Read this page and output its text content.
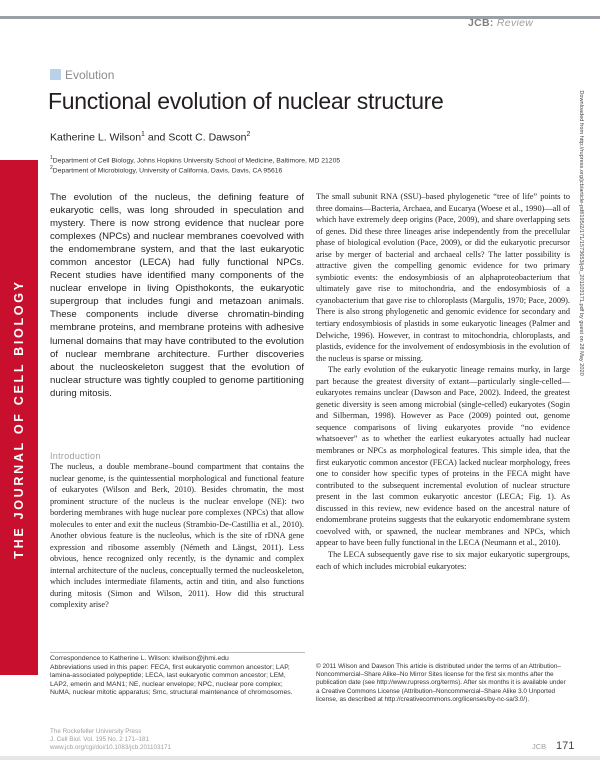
JCB: Review
THE JOURNAL OF CELL BIOLOGY
Evolution
Functional evolution of nuclear structure
Katherine L. Wilson$^1$ and Scott C. Dawson$^2$
$^1$Department of Cell Biology, Johns Hopkins University School of Medicine, Baltimore, MD 21205
$^2$Department of Microbiology, University of California, Davis, Davis, CA 95616
The evolution of the nucleus, the defining feature of eukaryotic cells, was long shrouded in speculation and mystery. There is now strong evidence that nuclear pore complexes (NPCs) and nuclear membranes coevolved with the endomembrane system, and that the last eukaryotic common ancestor (LECA) had fully functional NPCs. Recent studies have identified many components of the nuclear envelope in living Opisthokonts, the eukaryotic supergroup that includes fungi and metazoan animals. These components include diverse chromatin-binding membrane proteins, and membrane proteins with adhesive lumenal domains that may have contributed to the evolution of nuclear membrane architecture. Further discoveries about the nucleoskeleton suggest that the evolution of nuclear structure was tightly coupled to genome partitioning during mitosis.
Introduction
The nucleus, a double membrane–bound compartment that contains the nuclear genome, is the quintessential morphological and functional feature of eukaryotes (Wilson and Berk, 2010). Besides chromatin, the most prominent structure of the nucleus is the nuclear envelope (NE): two bordering membranes with huge nuclear pore complexes (NPCs) that allow molecules to enter and exit the nucleus (Strambio-De-Castillia et al., 2010). Another obvious feature is the nucleolus, which is the site of rDNA gene expression and ribosome assembly (Németh and Längst, 2011). Less obvious, hence recognized only recently, is the dynamic and complex internal architecture of the nucleus, conceptually termed the nucleoskeleton, which includes intermediate filaments, actin and titin, and also functions during mitosis (Simon and Wilson, 2011). How did this structural complexity arise?

The small subunit RNA (SSU)–based phylogenetic “tree of life” points to three domains—Bacteria, Archaea, and Eucarya (Woese et al., 1990)—all of which have extremely deep origins (Pace, 2009), and share overlapping sets of genes. Did these three lineages arise independently from the precellular phase of biological evolution (Pace, 2009), or did the eukaryotic precursor arise by merger of bacterial and archaeal cells? The latter possibility is attractive given the compelling genomic evidence for two primary symbiotic events: the endosymbiosis of an alphaproteobacterium that ultimately gave rise to mitochondria, and the endosymbiosis of a cyanobacterium that gave rise to chloroplasts (Margulis, 1970; Pace, 2009). There is also strong phylogenetic and genomic evidence for secondary and tertiary endosymbiosis of plastids in some eukaryotic lineages (Palmer and Delwiche, 1996). However, in contrast to mitochondria, chloroplasts, and plastids, evidence for the involvement of endosymbiosis in the evolution of the nucleus is sparse or missing.

The early evolution of the eukaryotic lineage remains murky, in large part because the greatest diversity of extant—particularly single-celled—eukaryotes remains unclear (Dawson and Pace, 2002). Indeed, the greatest genetic diversity is seen among microbial (single-celled) eukaryotes (Sogin and Silberman, 1998). However as Pace (2009) pointed out, genome sequence comparisons of living eukaryotes provide “no evidence whatsoever” as to whether the earliest eukaryotes actually had nuclear membranes or NPCs as morphological features. This simple idea, that the first eukaryotic common ancestor (FECA) lacked nuclear morphology, frees one to consider how specific types of proteins in the FECA might have contributed to the subsequent incremental evolution of nuclear structure present in the last common eukaryotic ancestor (LECA; Fig. 1). As discussed in this review, new evidence based on the ancestral nature of endomembrane proteins suggests that the eukaryotic endomembrane system coevolved with, or spawned, the nuclear membranes and NPCs, which appear to have been fully functional in the LECA (Neumann et al., 2010).

The LECA subsequently gave rise to six major eukaryotic supergroups, each of which includes microbial eukaryotes:

Correspondence to Katherine L. Wilson: klwilson@jhmi.edu
Abbreviations used in this paper: FECA, first eukaryotic common ancestor; LAP, lamina-associated polypeptide; LECA, last eukaryotic common ancestor; LEM, LAP2, emerin and MAN1; NE, nuclear envelope; NPC, nuclear pore complex; NuMA, nuclear mitotic apparatus; Smc, structural maintenance of chromosomes.
© 2011 Wilson and Dawson This article is distributed under the terms of an Attribution–Noncommercial–Share Alike–No Mirror Sites license for the first six months after the publication date (see http://www.rupress.org/terms). After six months it is available under a Creative Commons License (Attribution–Noncommercial–Share Alike 3.0 Unported license, as described at http://creativecommons.org/licenses/by-nc-sa/3.0/).
The Rockefeller University Press
J. Cell Biol. Vol. 195 No. 2 171–181
www.jcb.org/cgi/doi/10.1083/jcb.201103171	JCB 171
Downloaded from http://rupress.org/jcb/article-pdf/195/2/171/1573653/jcb_201103171.pdf by guest on 28 May 2020
